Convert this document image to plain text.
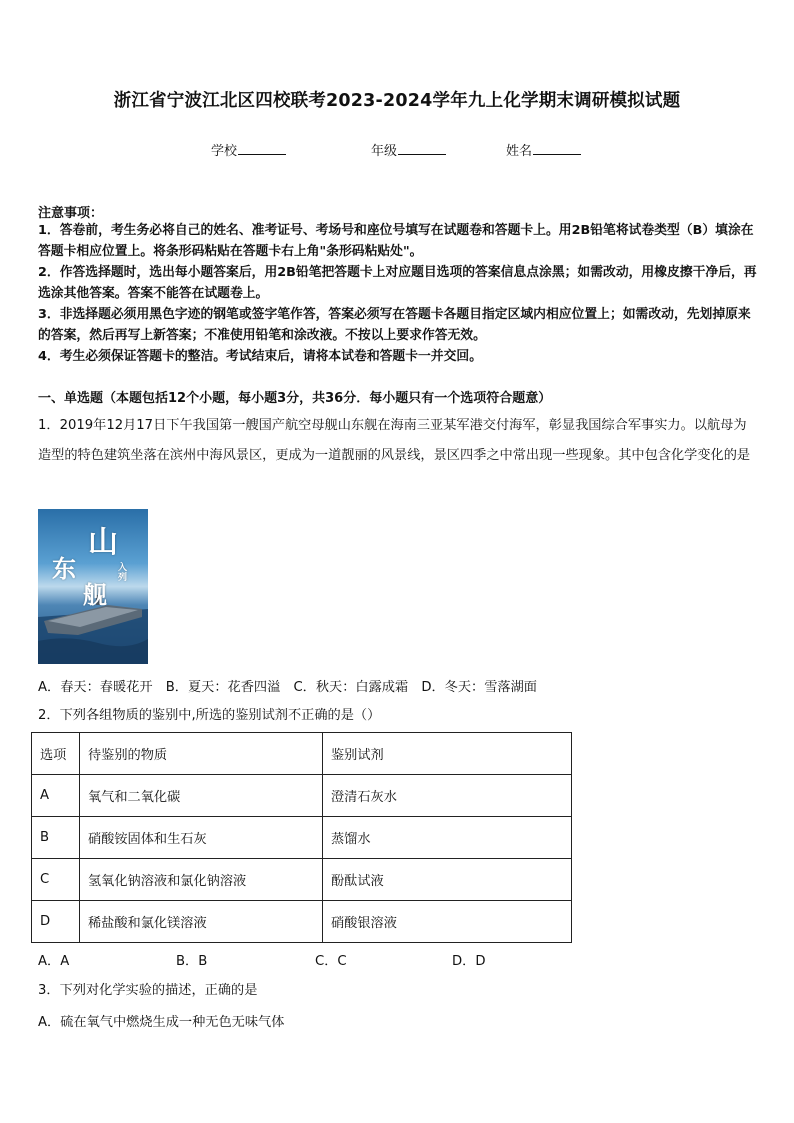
浙江省宁波江北区四校联考2023-2024学年九上化学期末调研模拟试题
学校	年级	姓名
注意事项：
1．答卷前，考生务必将自己的姓名、准考证号、考场号和座位号填写在试题卷和答题卡上。用2B铅笔将试卷类型（B）填涂在答题卡相应位置上。将条形码粘贴在答题卡右上角"条形码粘贴处"。
2．作答选择题时，选出每小题答案后，用2B铅笔把答题卡上对应题目选项的答案信息点涂黑；如需改动，用橡皮擦干净后，再选涂其他答案。答案不能答在试题卷上。
3．非选择题必须用黑色字迹的钢笔或签字笔作答，答案必须写在答题卡各题目指定区域内相应位置上；如需改动，先划掉原来的答案，然后再写上新答案；不准使用铅笔和涂改液。不按以上要求作答无效。
4．考生必须保证答题卡的整洁。考试结束后，请将本试卷和答题卡一并交回。
一、单选题（本题包括12个小题，每小题3分，共36分．每小题只有一个选项符合题意）
1．2019年12月17日下午我国第一艘国产航空母舰山东舰在海南三亚某军港交付海军，彰显我国综合军事实力。以航母为造型的特色建筑坐落在滨州中海风景区，更成为一道靓丽的风景线，景区四季之中常出现一些现象。其中包含化学变化的是
山
东
舰
入列
A．春天：春暖花开　B．夏天：花香四溢　C．秋天：白露成霜　D．冬天：雪落湖面
2．下列各组物质的鉴别中,所选的鉴别试剂不正确的是（）
选项	待鉴别的物质	鉴别试剂
A	氧气和二氧化碳	澄清石灰水
B	硝酸铵固体和生石灰	蒸馏水
C	氢氧化钠溶液和氯化钠溶液	酚酞试液
D	稀盐酸和氯化镁溶液	硝酸银溶液
A．A	B．B	C．C	D．D
3．下列对化学实验的描述，正确的是
A．硫在氧气中燃烧生成一种无色无味气体
